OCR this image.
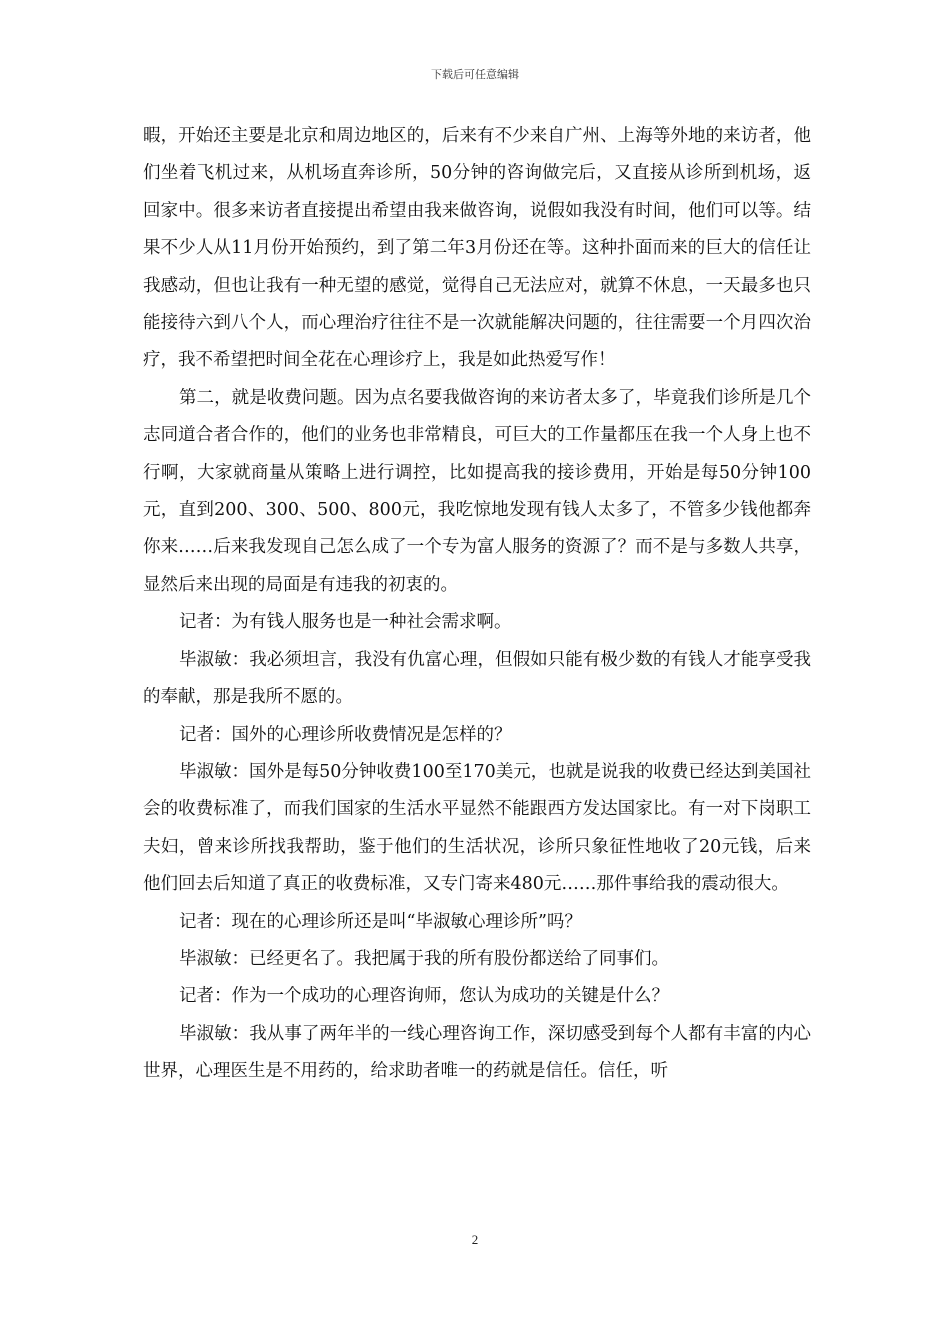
下载后可任意编辑

暇，开始还主要是北京和周边地区的，后来有不少来自广州、上海等外地的来访者，他们坐着飞机过来，从机场直奔诊所，50分钟的咨询做完后，又直接从诊所到机场，返回家中。很多来访者直接提出希望由我来做咨询，说假如我没有时间，他们可以等。结果不少人从11月份开始预约，到了第二年3月份还在等。这种扑面而来的巨大的信任让我感动，但也让我有一种无望的感觉，觉得自己无法应对，就算不休息，一天最多也只能接待六到八个人，而心理治疗往往不是一次就能解决问题的，往往需要一个月四次治疗，我不希望把时间全花在心理诊疗上，我是如此热爱写作！

第二，就是收费问题。因为点名要我做咨询的来访者太多了，毕竟我们诊所是几个志同道合者合作的，他们的业务也非常精良，可巨大的工作量都压在我一个人身上也不行啊，大家就商量从策略上进行调控，比如提高我的接诊费用，开始是每50分钟100元，直到200、300、500、800元，我吃惊地发现有钱人太多了，不管多少钱他都奔你来……后来我发现自己怎么成了一个专为富人服务的资源了？而不是与多数人共享，显然后来出现的局面是有违我的初衷的。

记者：为有钱人服务也是一种社会需求啊。

毕淑敏：我必须坦言，我没有仇富心理，但假如只能有极少数的有钱人才能享受我的奉献，那是我所不愿的。

记者：国外的心理诊所收费情况是怎样的？

毕淑敏：国外是每50分钟收费100至170美元，也就是说我的收费已经达到美国社会的收费标准了，而我们国家的生活水平显然不能跟西方发达国家比。有一对下岗职工夫妇，曾来诊所找我帮助，鉴于他们的生活状况，诊所只象征性地收了20元钱，后来他们回去后知道了真正的收费标准，又专门寄来480元……那件事给我的震动很大。

记者：现在的心理诊所还是叫“毕淑敏心理诊所”吗？

毕淑敏：已经更名了。我把属于我的所有股份都送给了同事们。

记者：作为一个成功的心理咨询师，您认为成功的关键是什么？

毕淑敏：我从事了两年半的一线心理咨询工作，深切感受到每个人都有丰富的内心世界，心理医生是不用药的，给求助者唯一的药就是信任。信任，听

2
